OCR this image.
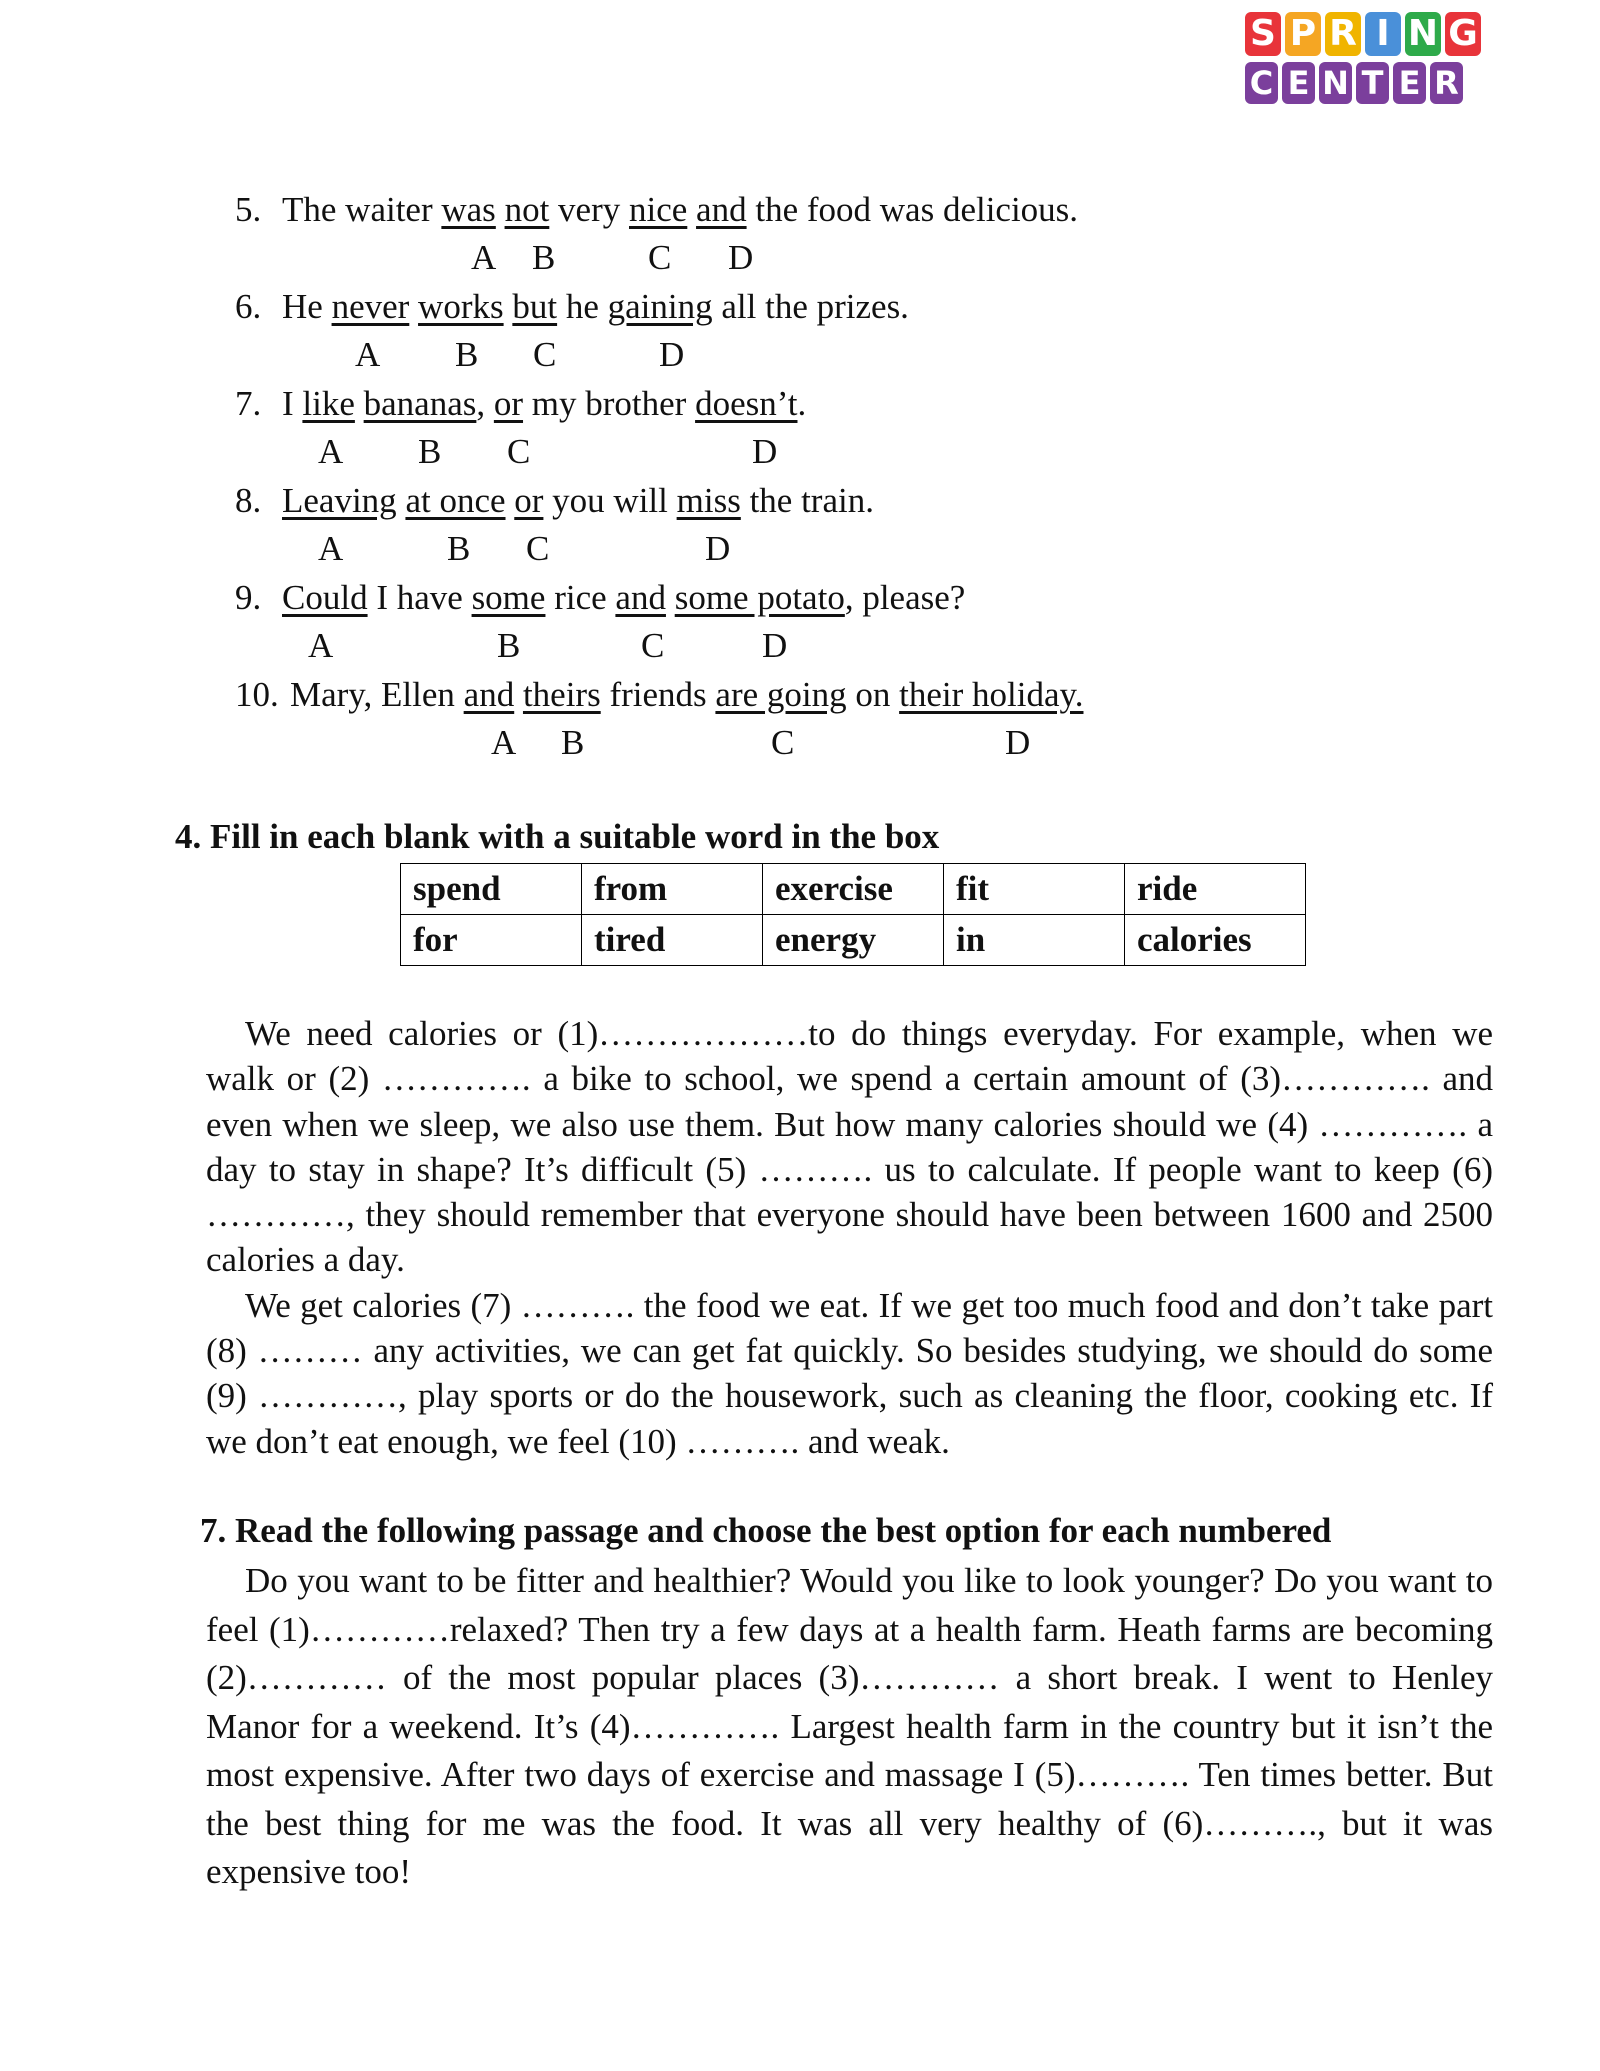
S P R I N G
C E N T E R
5. The waiter was not very nice and the food was delicious.
A B	C D
6. He never works but he gaining all the prizes.
A B C	D
7. I like bananas, or my brother doesn’t.
A B C	D
8. Leaving at once or you will miss the train.
A	B C	D
9. Could I have some rice and some potato, please?
A	B	C	D
10. Mary, Ellen and theirs friends are going on their holiday.
A B	C	D
4. Fill in each blank with a suitable word in the box
spend	from	exercise	fit	ride
for	tired	energy	in	calories

We need calories or (1)………………to do things everyday. For example, when we walk or (2) …………. a bike to school, we spend a certain amount of (3)…………. and even when we sleep, we also use them. But how many calories should we (4) …………. a day to stay in shape? It’s difficult (5) ………. us to calculate. If people want to keep (6) …………, they should remember that everyone should have been between 1600 and 2500 calories a day.

We get calories (7) ………. the food we eat. If we get too much food and don’t take part (8) ……… any activities, we can get fat quickly. So besides studying, we should do some (9) …………, play sports or do the housework, such as cleaning the floor, cooking etc. If we don’t eat enough, we feel (10) ………. and weak.

7. Read the following passage and choose the best option for each numbered

Do you want to be fitter and healthier? Would you like to look younger? Do you want to feel (1)…………relaxed? Then try a few days at a health farm. Heath farms are becoming (2)………… of the most popular places (3)………… a short break. I went to Henley Manor for a weekend. It’s (4)…………. Largest health farm in the country but it isn’t the most expensive. After two days of exercise and massage I (5)………. Ten times better. But the best thing for me was the food. It was all very healthy of (6)………., but it was expensive too!
